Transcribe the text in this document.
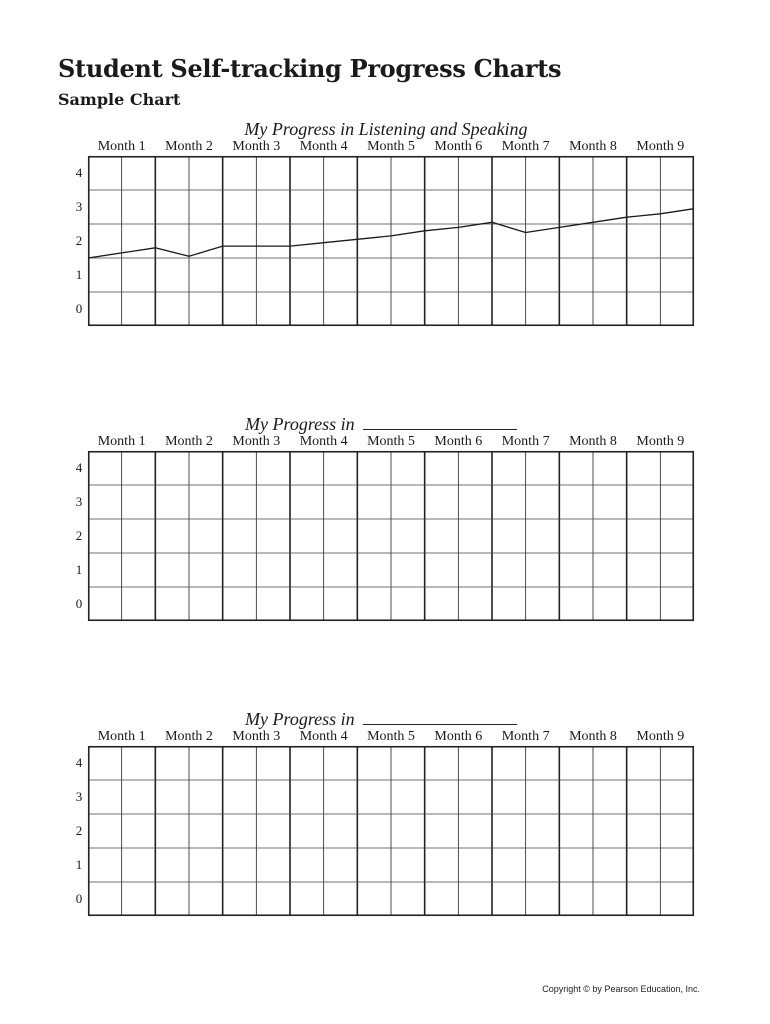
Student Self-tracking Progress Charts
Sample Chart
My Progress in Listening and Speaking
Month 1 Month 2 Month 3 Month 4 Month 5 Month 6 Month 7 Month 8 Month 9
4
3
2
1
0
My Progress in
Month 1 Month 2 Month 3 Month 4 Month 5 Month 6 Month 7 Month 8 Month 9
4
3
2
1
0
My Progress in
Month 1 Month 2 Month 3 Month 4 Month 5 Month 6 Month 7 Month 8 Month 9
4
3
2
1
0

Copyright © by Pearson Education, Inc.
